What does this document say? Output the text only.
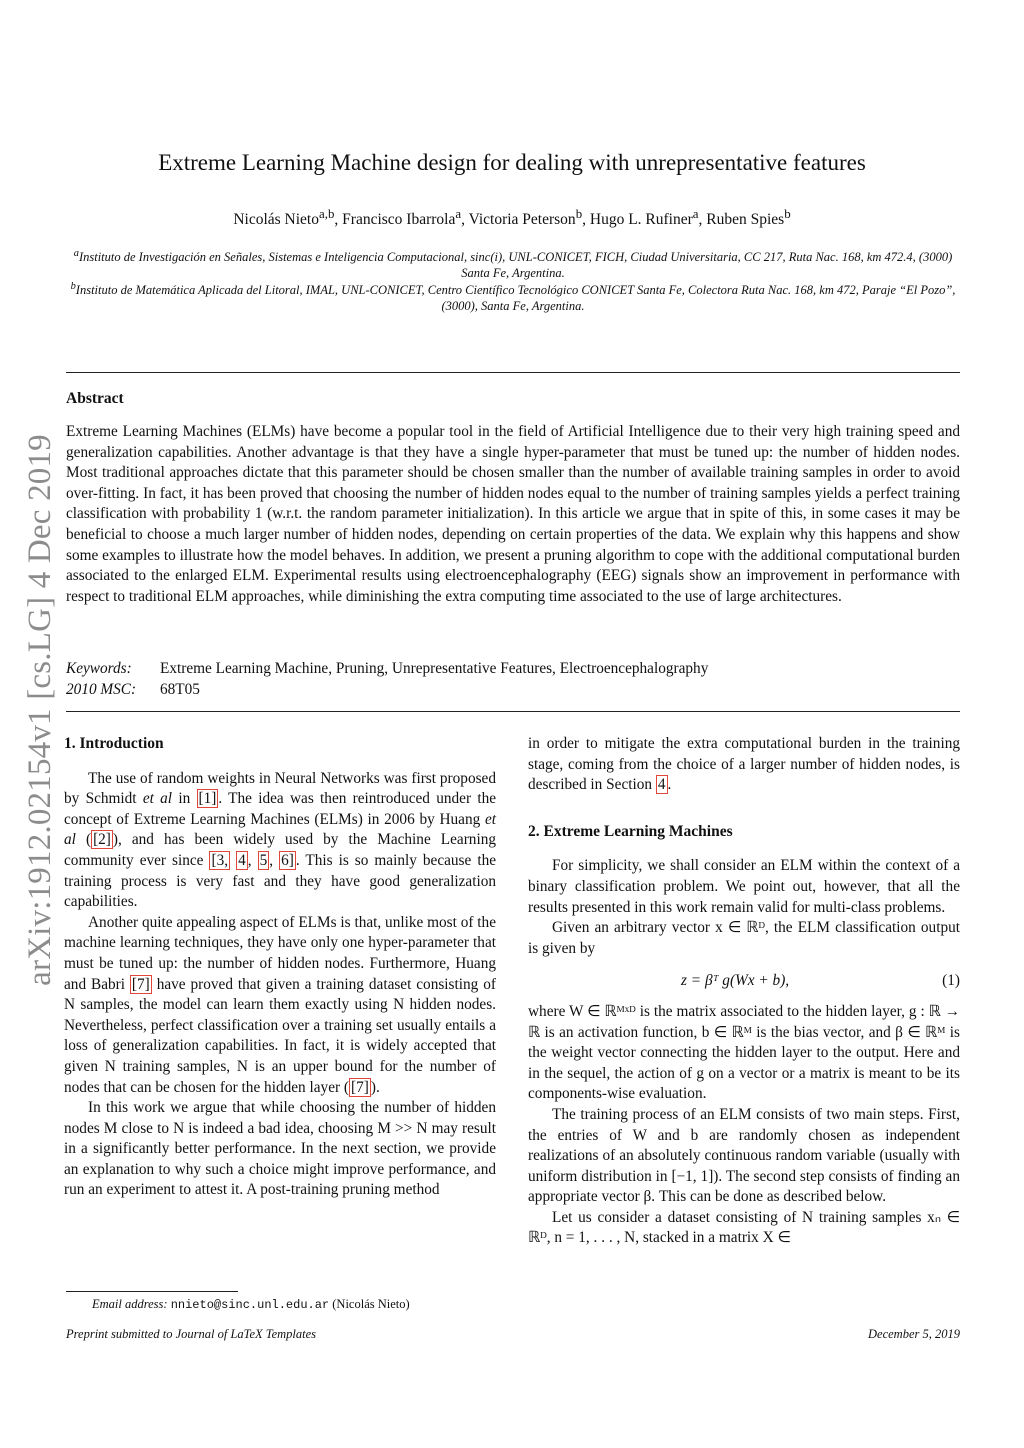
arXiv:1912.02154v1 [cs.LG] 4 Dec 2019
Extreme Learning Machine design for dealing with unrepresentative features
Nicolás Nieto$^{a,b}$, Francisco Ibarrola$^a$, Victoria Peterson$^b$, Hugo L. Rufiner$^a$, Ruben Spies$^b$
$^a$Instituto de Investigación en Señales, Sistemas e Inteligencia Computacional, sinc(i), UNL-CONICET, FICH, Ciudad Universitaria, CC 217, Ruta Nac. 168, km 472.4, (3000) Santa Fe, Argentina.
$^b$Instituto de Matemática Aplicada del Litoral, IMAL, UNL-CONICET, Centro Científico Tecnológico CONICET Santa Fe, Colectora Ruta Nac. 168, km 472, Paraje “El Pozo”, (3000), Santa Fe, Argentina.
Abstract
Extreme Learning Machines (ELMs) have become a popular tool in the field of Artificial Intelligence due to their very high training speed and generalization capabilities. Another advantage is that they have a single hyper-parameter that must be tuned up: the number of hidden nodes. Most traditional approaches dictate that this parameter should be chosen smaller than the number of available training samples in order to avoid over-fitting. In fact, it has been proved that choosing the number of hidden nodes equal to the number of training samples yields a perfect training classification with probability 1 (w.r.t. the random parameter initialization). In this article we argue that in spite of this, in some cases it may be beneficial to choose a much larger number of hidden nodes, depending on certain properties of the data. We explain why this happens and show some examples to illustrate how the model behaves. In addition, we present a pruning algorithm to cope with the additional computational burden associated to the enlarged ELM. Experimental results using electroencephalography (EEG) signals show an improvement in performance with respect to traditional ELM approaches, while diminishing the extra computing time associated to the use of large architectures.
Keywords: Extreme Learning Machine, Pruning, Unrepresentative Features, Electroencephalography
2010 MSC: 68T05

1. Introduction

The use of random weights in Neural Networks was first proposed by Schmidt et al in [1] . The idea was then reintroduced under the concept of Extreme Learning Machines (ELMs) in 2006 by Huang et al ( [2] ), and has been widely used by the Machine Learning community ever since [3, 4 , 5 , 6] . This is so mainly because the training process is very fast and they have good generalization capabilities.

Another quite appealing aspect of ELMs is that, unlike most of the machine learning techniques, they have only one hyper-parameter that must be tuned up: the number of hidden nodes. Furthermore, Huang and Babri [7] have proved that given a training dataset consisting of N samples, the model can learn them exactly using N hidden nodes. Nevertheless, perfect classification over a training set usually entails a loss of generalization capabilities. In fact, it is widely accepted that given N training samples, N is an upper bound for the number of nodes that can be chosen for the hidden layer ( [7] ).

In this work we argue that while choosing the number of hidden nodes M close to N is indeed a bad idea, choosing M >> N may result in a significantly better performance. In the next section, we provide an explanation to why such a choice might improve performance, and run an experiment to attest it. A post-training pruning method

in order to mitigate the extra computational burden in the training stage, coming from the choice of a larger number of hidden nodes, is described in Section 4 .

2. Extreme Learning Machines

For simplicity, we shall consider an ELM within the context of a binary classification problem. We point out, however, that all the results presented in this work remain valid for multi-class problems.

Given an arbitrary vector x ∈ ℝᴰ, the ELM classification output is given by

z = βᵀ g(Wx + b),	(1)

where W ∈ ℝᴹˣᴰ is the matrix associated to the hidden layer, g : ℝ → ℝ is an activation function, b ∈ ℝᴹ is the bias vector, and β ∈ ℝᴹ is the weight vector connecting the hidden layer to the output. Here and in the sequel, the action of g on a vector or a matrix is meant to be its components-wise evaluation.

The training process of an ELM consists of two main steps. First, the entries of W and b are randomly chosen as independent realizations of an absolutely continuous random variable (usually with uniform distribution in [−1, 1]). The second step consists of finding an appropriate vector β. This can be done as described below.

Let us consider a dataset consisting of N training samples xₙ ∈ ℝᴰ, n = 1, . . . , N, stacked in a matrix X ∈

Email address: nnieto@sinc.unl.edu.ar (Nicolás Nieto)
Preprint submitted to Journal of LaTeX Templates	December 5, 2019
